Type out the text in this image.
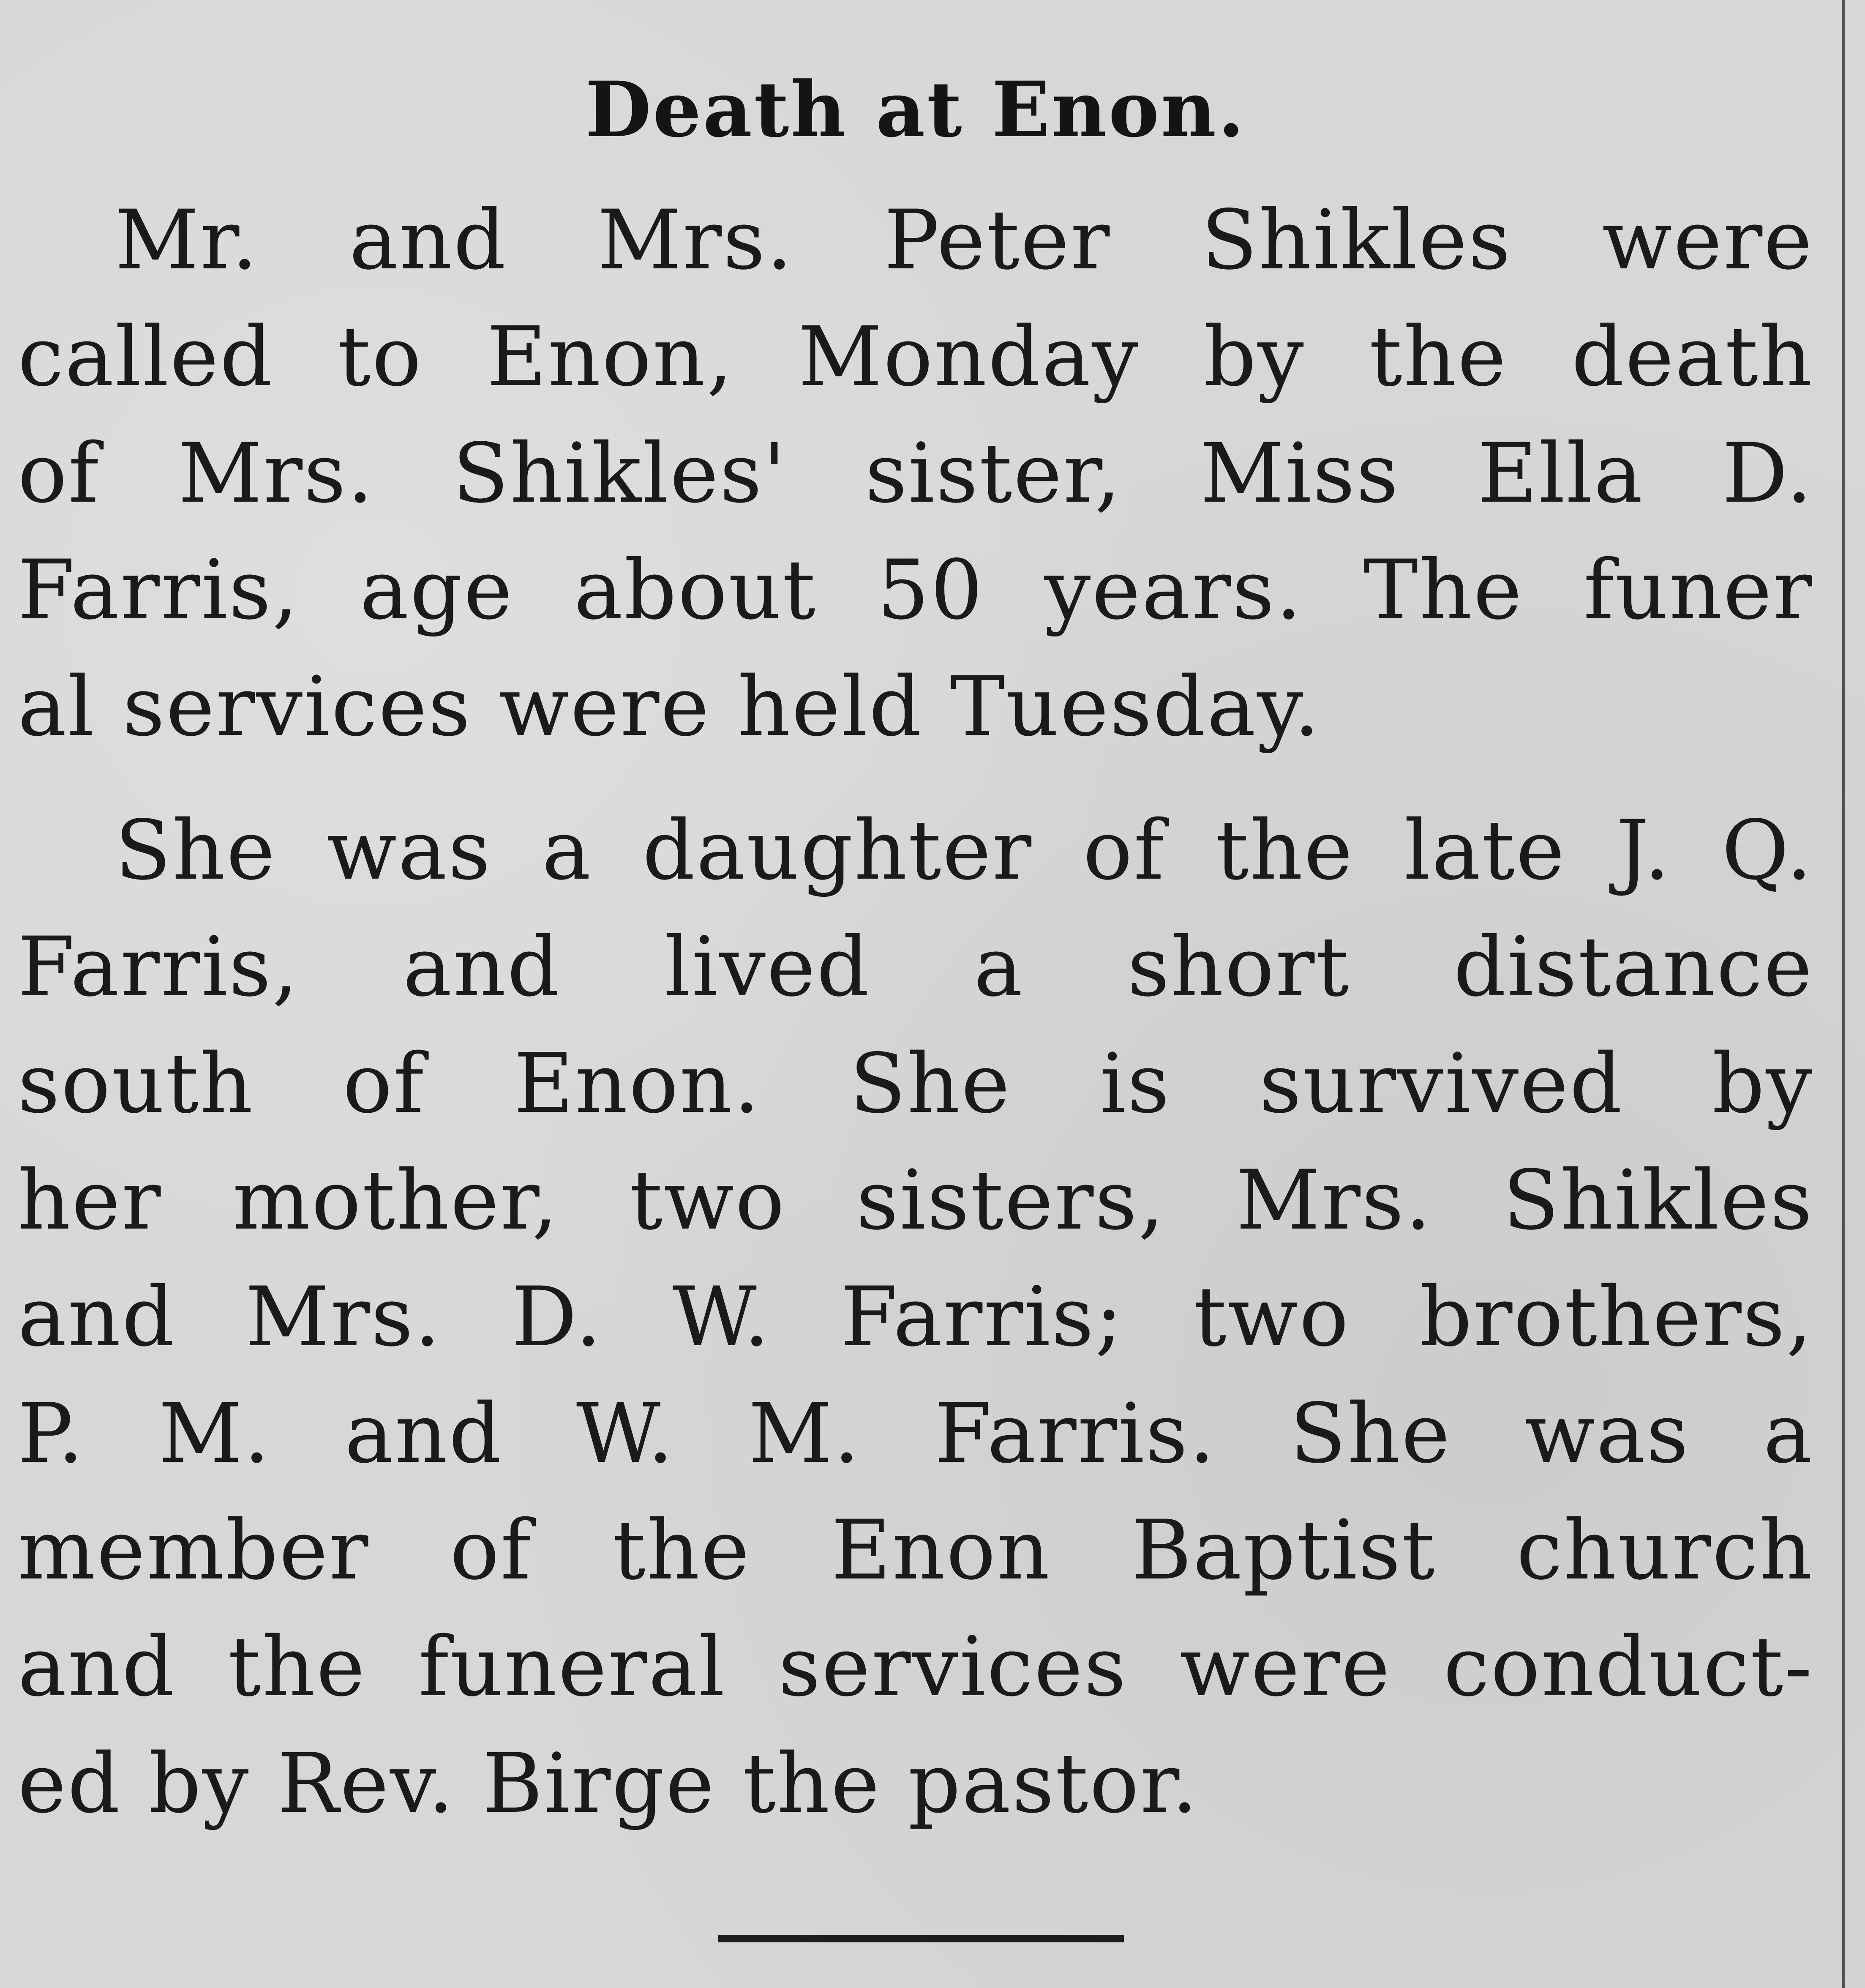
Death at Enon.

Mr. and Mrs. Peter Shikles were
called to Enon, Monday by the death
of Mrs. Shikles' sister, Miss Ella D.
Farris, age about 50 years. The funer
al services were held Tuesday.

She was a daughter of the late J. Q.
Farris, and lived a short distance
south of Enon. She is survived by
her mother, two sisters, Mrs. Shikles
and Mrs. D. W. Farris; two brothers,
P. M. and W. M. Farris. She was a
member of the Enon Baptist church
and the funeral services were conduct-
ed by Rev. Birge the pastor.
